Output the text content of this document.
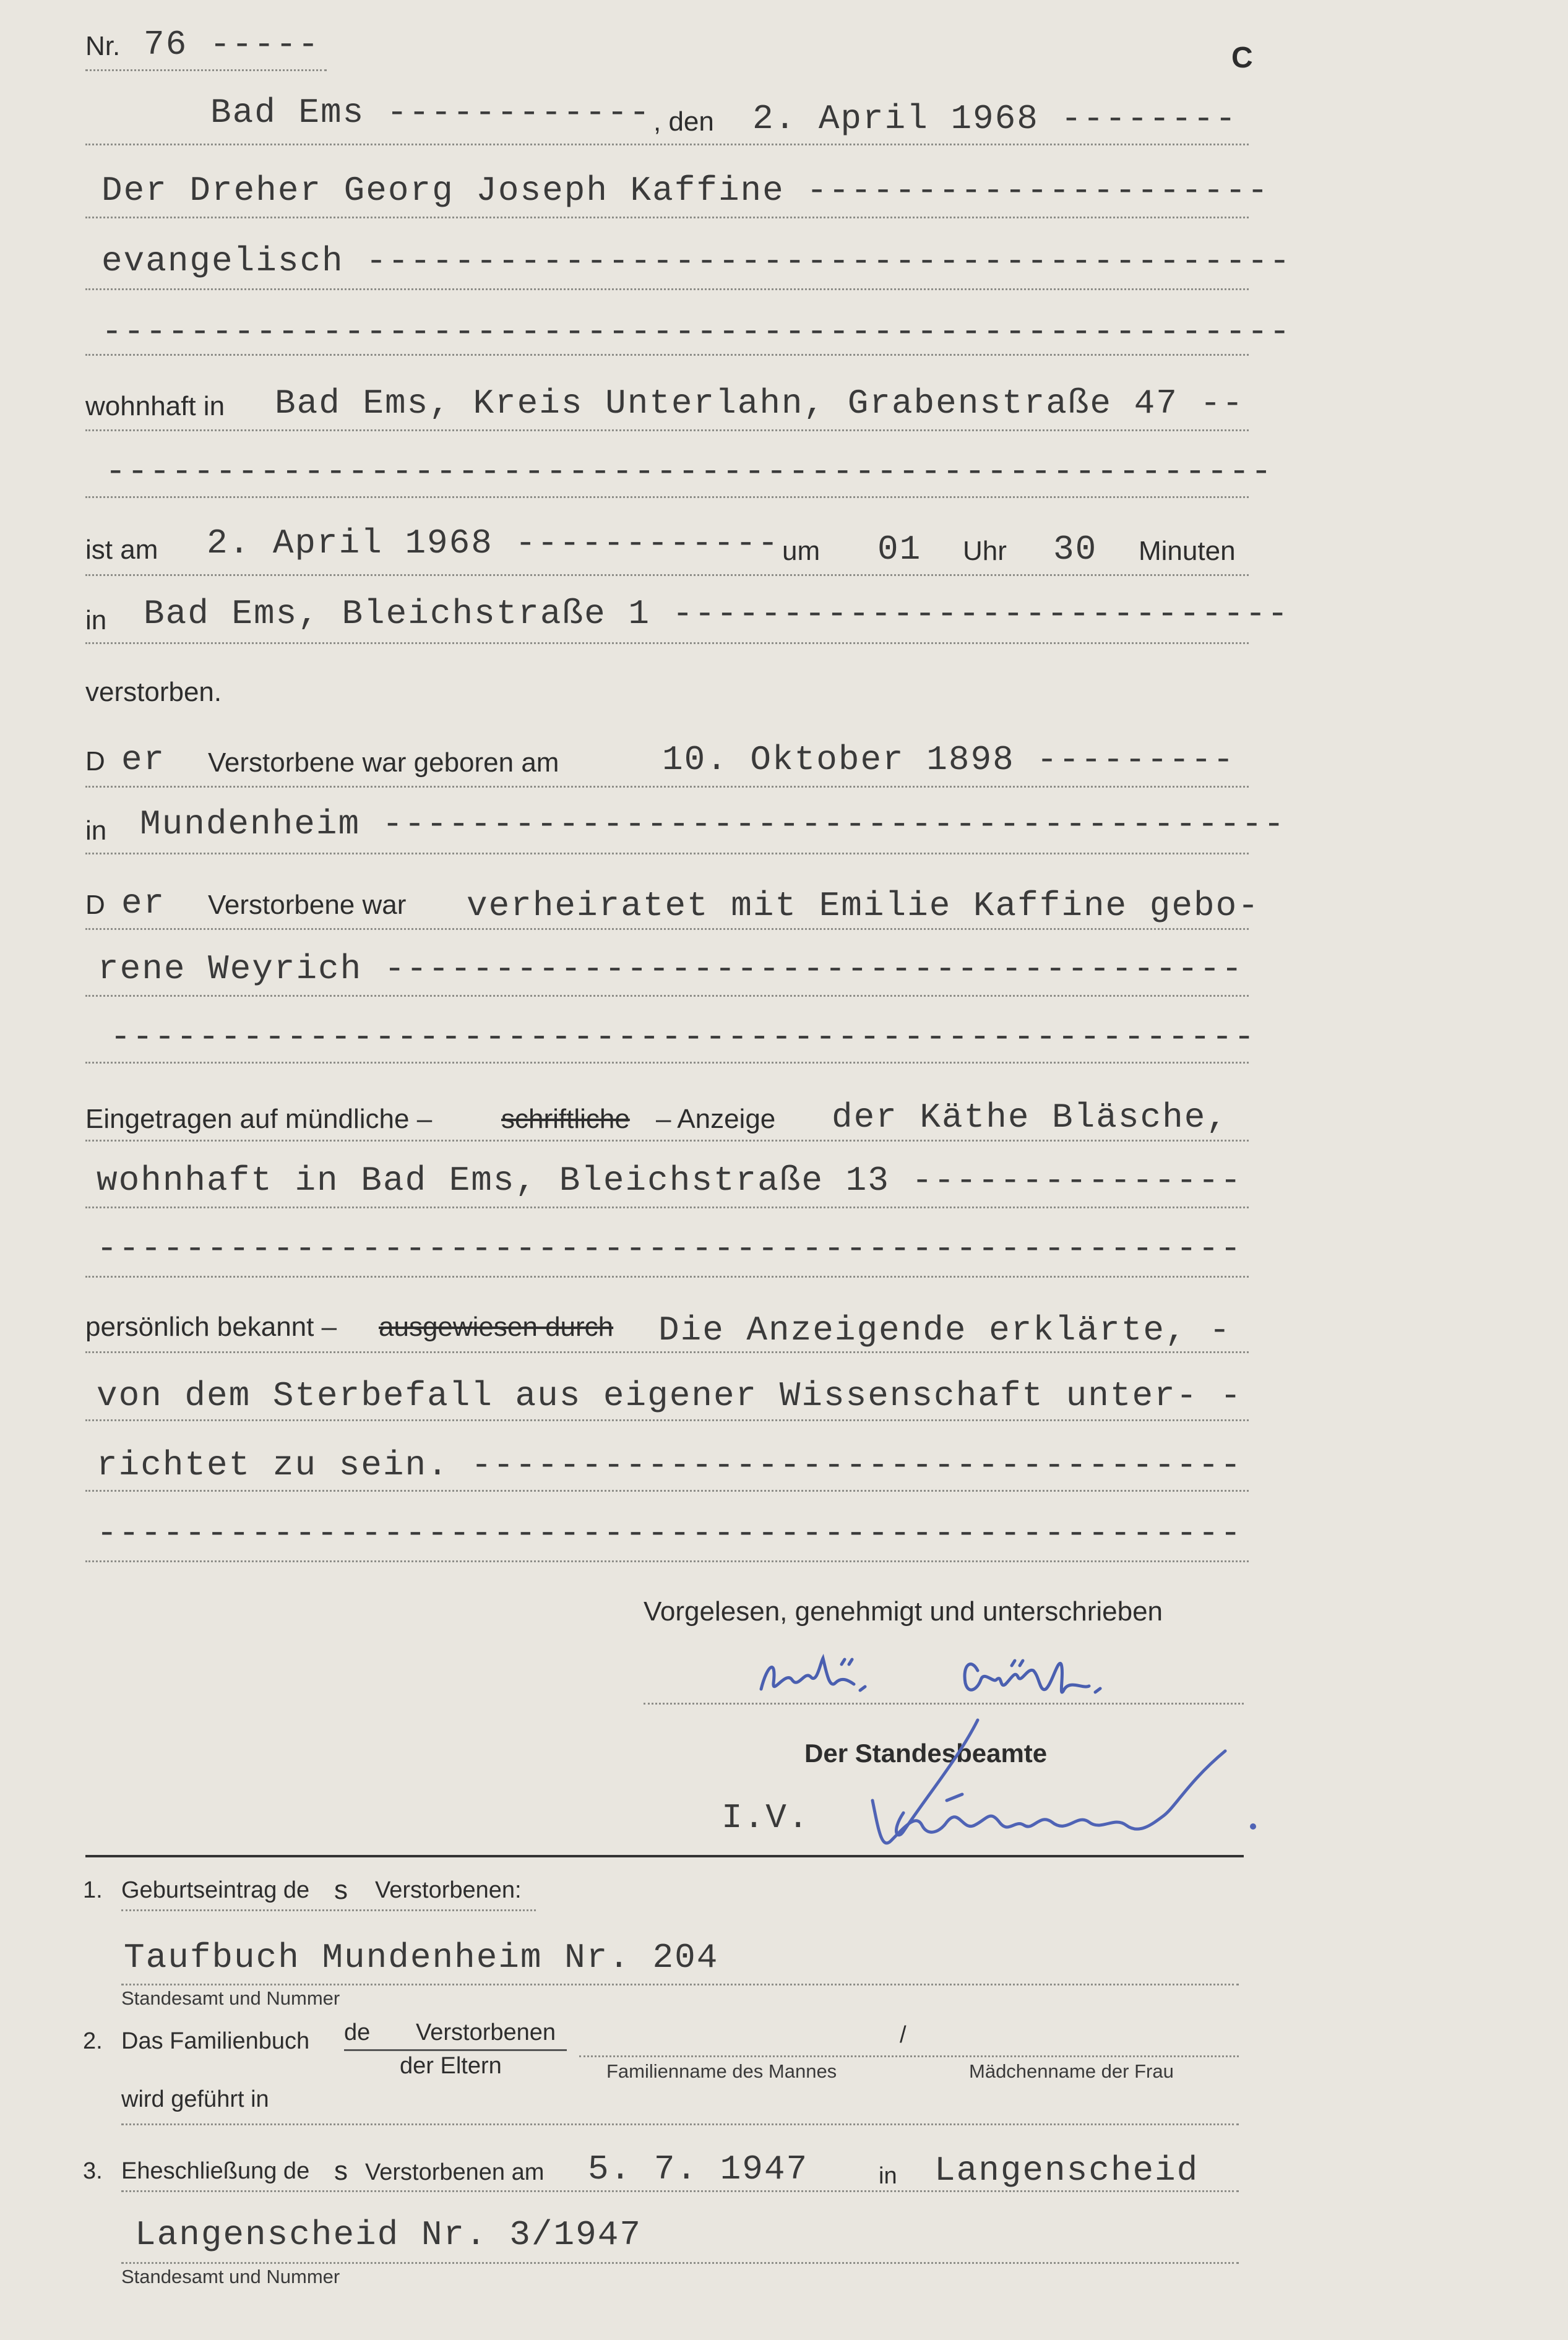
Nr. 76 -----	C
Bad Ems ------------ , den 2. April 1968 --------
Der Dreher Georg Joseph Kaffine ---------------------
evangelisch ------------------------------------------
------------------------------------------------------
wohnhaft in Bad Ems, Kreis Unterlahn, Grabenstraße 47 --
-----------------------------------------------------
ist am 2. April 1968 ------------ um 01 Uhr 30 Minuten
in Bad Ems, Bleichstraße 1 ----------------------------
verstorben.
D er Verstorbene war geboren am	10. Oktober 1898 ---------
in Mundenheim -----------------------------------------
D er Verstorbene war verheiratet mit Emilie Kaffine gebo-
rene Weyrich ---------------------------------------
----------------------------------------------------
Eingetragen auf mündliche –	schriftliche – Anzeige der Käthe Bläsche,
wohnhaft in Bad Ems, Bleichstraße 13 ---------------
----------------------------------------------------
persönlich bekannt – ausgewiesen durch Die Anzeigende erklärte, -
von dem Sterbefall aus eigener Wissenschaft unter- -
richtet zu sein. -----------------------------------
----------------------------------------------------
Vorgelesen, genehmigt und unterschrieben
Der Standesbeamte
I.V.
1. Geburtseintrag de s Verstorbenen:
Taufbuch Mundenheim Nr. 204
Standesamt und Nummer
2. Das Familienbuch de Verstorbenen
der Eltern
/
Familienname des Mannes	Mädchenname der Frau
wird geführt in
3. Eheschließung de s Verstorbenen am 5. 7. 1947	in Langenscheid
Langenscheid Nr. 3/1947
Standesamt und Nummer
